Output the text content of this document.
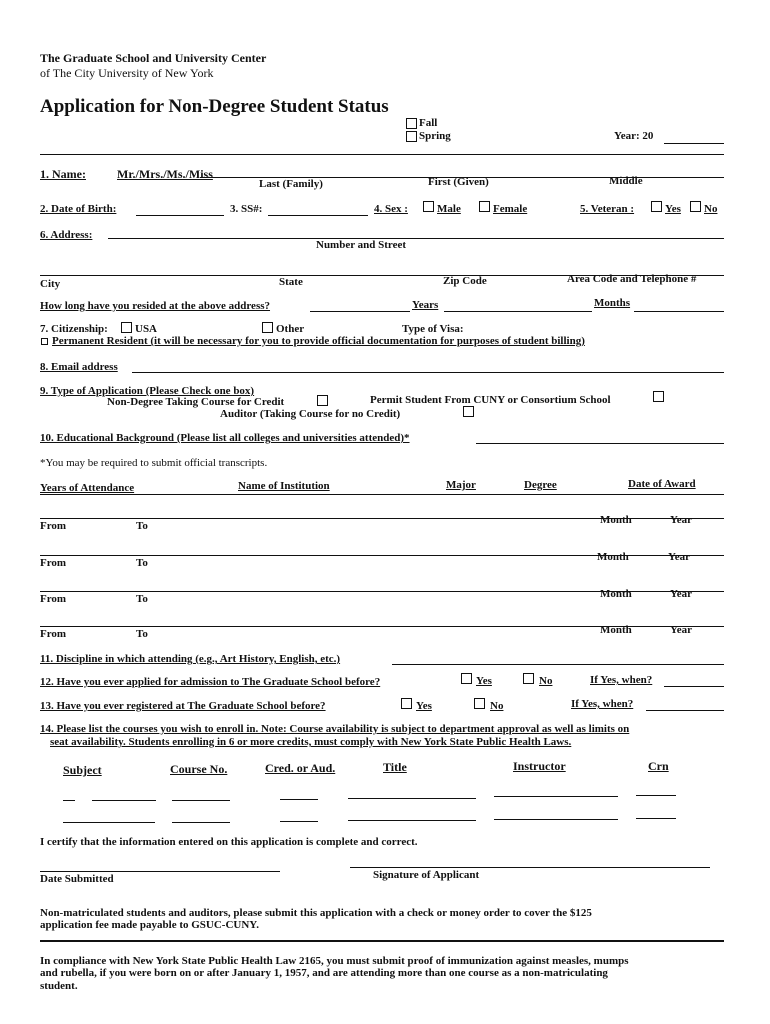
The Graduate School and University Center
of The City University of New York
Application for Non-Degree Student Status
Fall
Spring	Year: 20
1. Name:	Mr./Mrs./Ms./Miss
Last (Family)	First (Given)	Middle
2. Date of Birth:	3. SS#:	4. Sex :	Male	Female	5. Veteran :	Yes No
6. Address:
Number and Street
City	State	Zip Code	Area Code and Telephone #
How long have you resided at the above address?	Years	Months
7. Citizenship: USA	Other	Type of Visa:
Permanent Resident (it will be necessary for you to provide official documentation for purposes of student billing)
8. Email address
9. Type of Application (Please Check one box)
Non-Degree Taking Course for Credit	Permit Student From CUNY or Consortium School
Auditor (Taking Course for no Credit)
10. Educational Background (Please list all colleges and universities attended)*
*You may be required to submit official transcripts.
Years of Attendance	Name of Institution	Major	Degree	Date of Award
From	To	Month	Year
From	To	Month	Year
From	To	Month	Year
From	To	Month	Year
11. Discipline in which attending (e.g., Art History, English, etc.)
12. Have you ever applied for admission to The Graduate School before?	Yes	No	If Yes, when?
13. Have you ever registered at The Graduate School before?	Yes	No	If Yes, when?
14. Please list the courses you wish to enroll in. Note: Course availability is subject to department approval as well as limits on
seat availability. Students enrolling in 6 or more credits, must comply with New York State Public Health Laws.
Subject	Course No.	Cred. or Aud.	Title	Instructor	Crn
I certify that the information entered on this application is complete and correct.
Date Submitted	Signature of Applicant
Non-matriculated students and auditors, please submit this application with a check or money order to cover the $125
application fee made payable to GSUC-CUNY.
In compliance with New York State Public Health Law 2165, you must submit proof of immunization against measles, mumps
and rubella, if you were born on or after January 1, 1957, and are attending more than one course as a non-matriculating
student.
